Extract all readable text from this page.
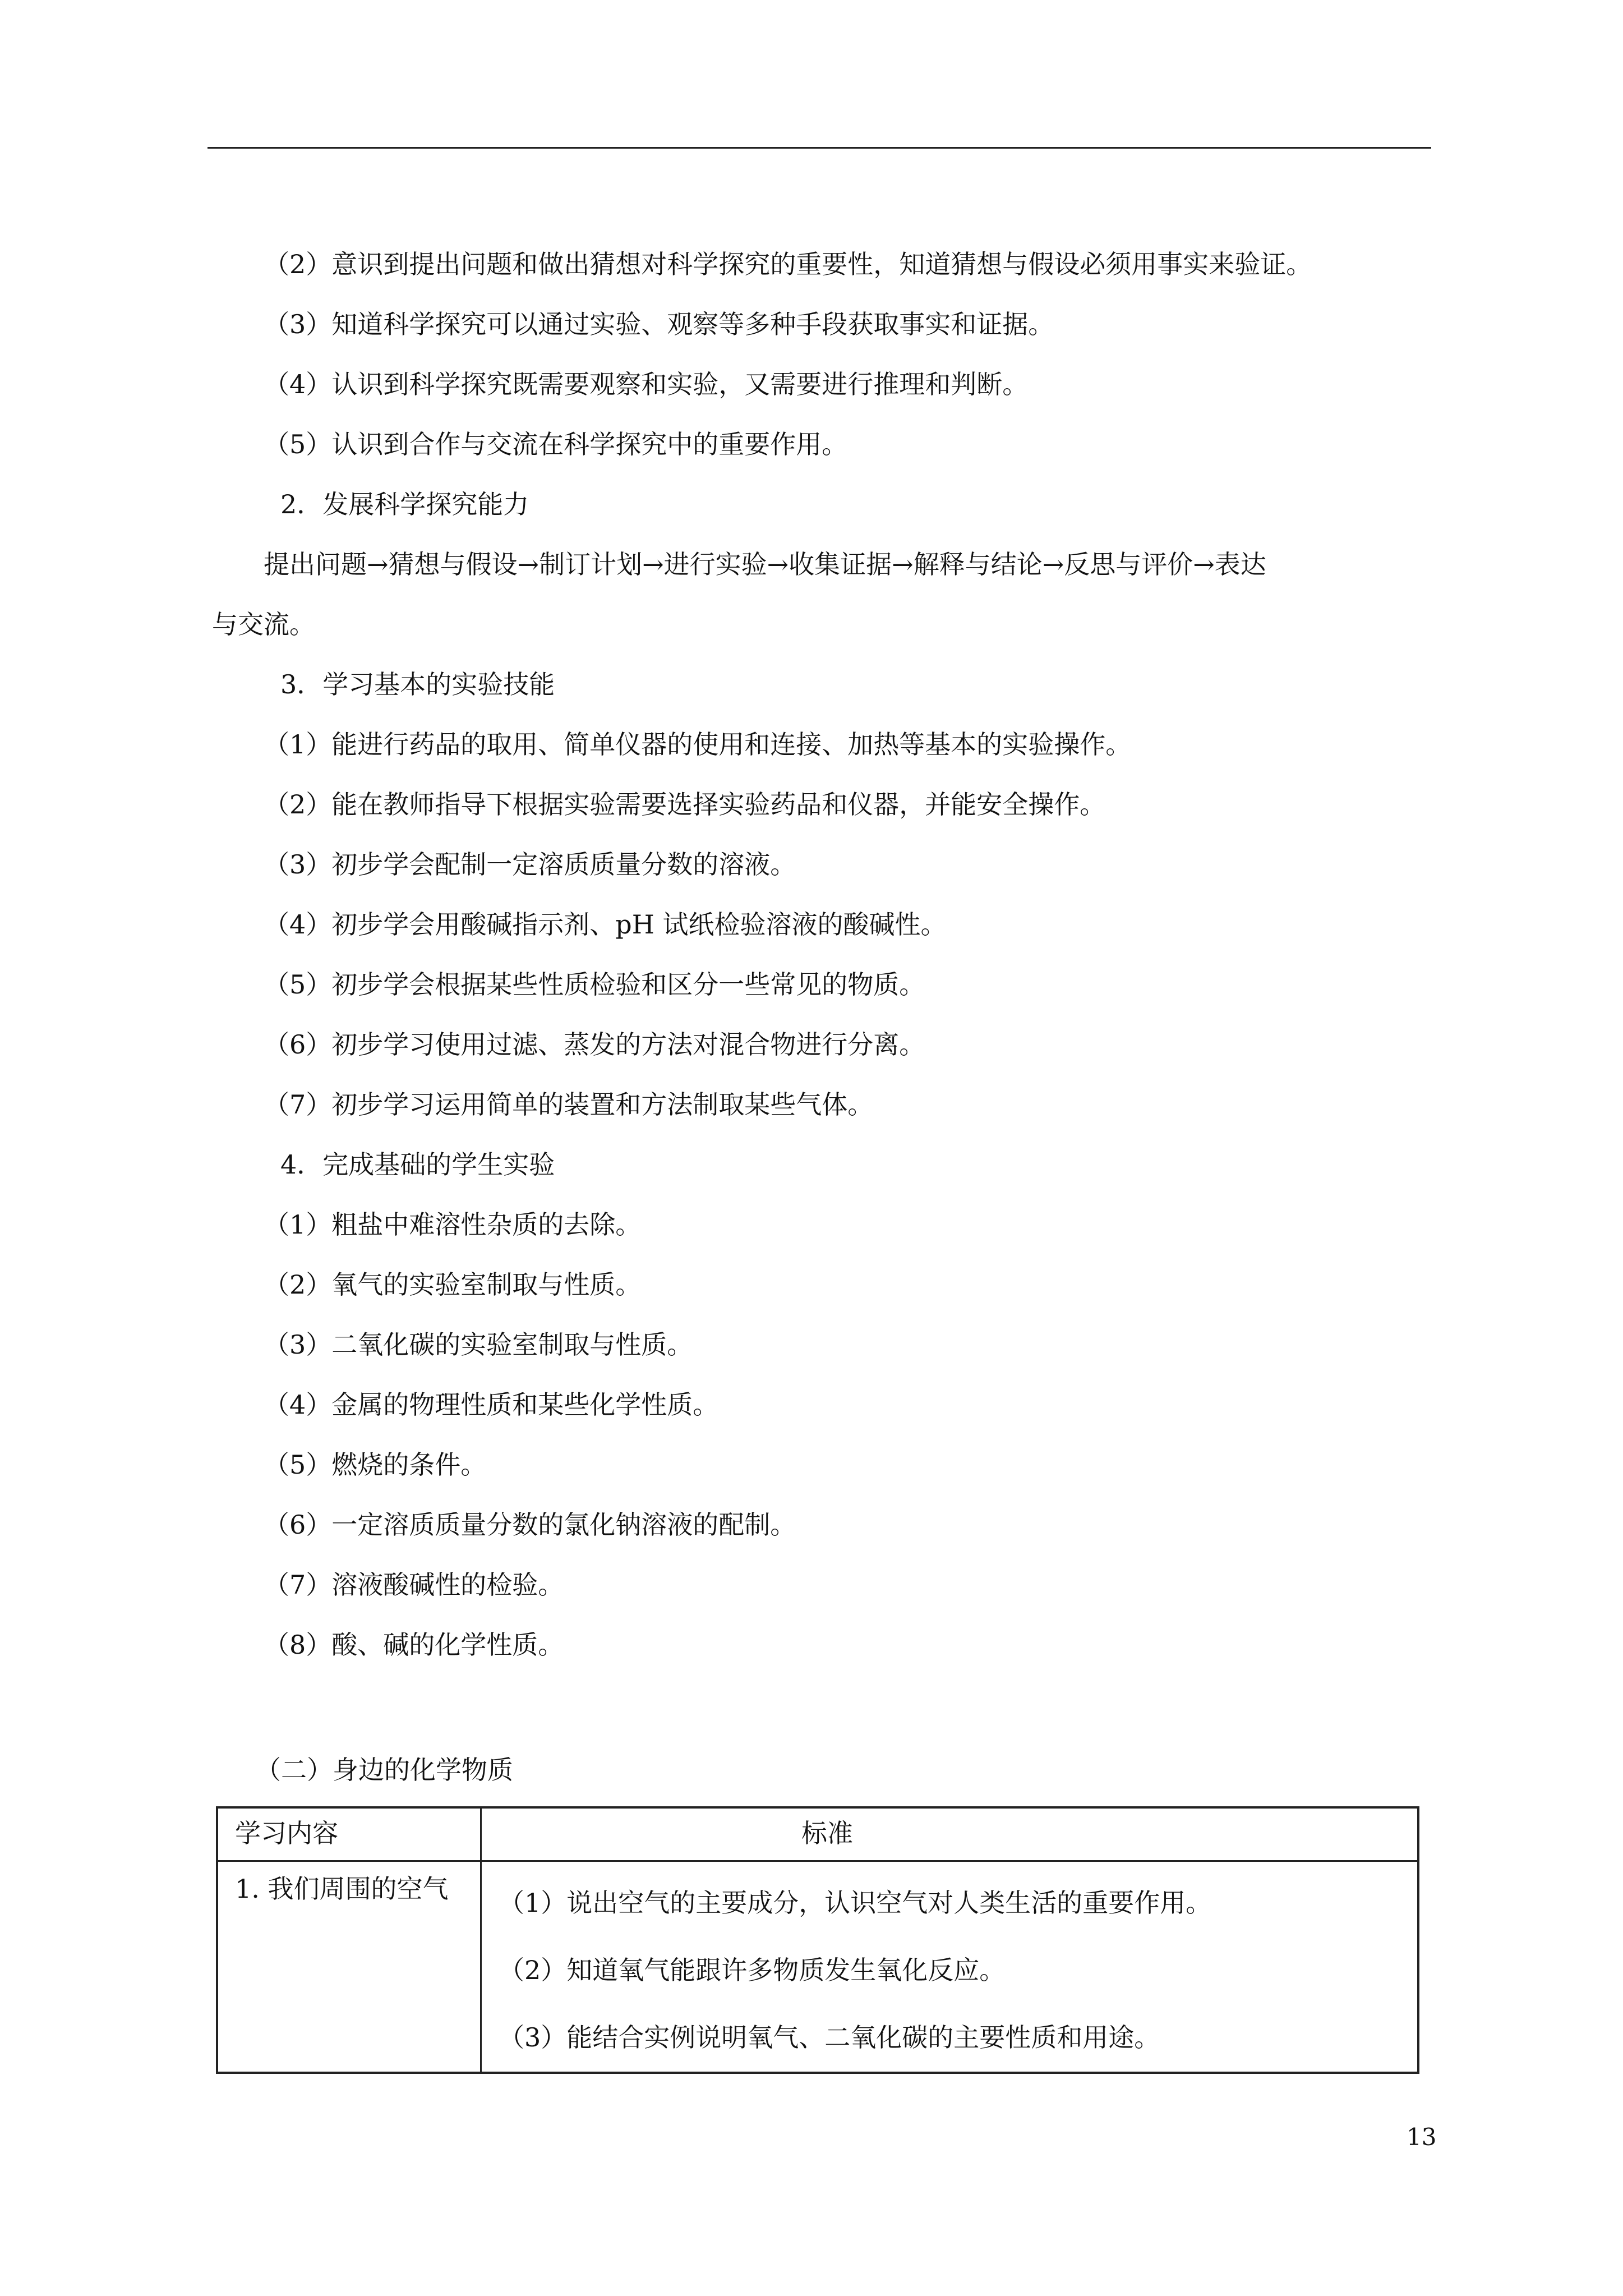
（2）意识到提出问题和做出猜想对科学探究的重要性，知道猜想与假设必须用事实来验证。

（3）知道科学探究可以通过实验、观察等多种手段获取事实和证据。

（4）认识到科学探究既需要观察和实验，又需要进行推理和判断。

（5）认识到合作与交流在科学探究中的重要作用。

2．发展科学探究能力

提出问题→猜想与假设→制订计划→进行实验→收集证据→解释与结论→反思与评价→表达

与交流。

3．学习基本的实验技能

（1）能进行药品的取用、简单仪器的使用和连接、加热等基本的实验操作。

（2）能在教师指导下根据实验需要选择实验药品和仪器，并能安全操作。

（3）初步学会配制一定溶质质量分数的溶液。

（4）初步学会用酸碱指示剂、pH 试纸检验溶液的酸碱性。

（5）初步学会根据某些性质检验和区分一些常见的物质。

（6）初步学习使用过滤、蒸发的方法对混合物进行分离。

（7）初步学习运用简单的装置和方法制取某些气体。

4．完成基础的学生实验

（1）粗盐中难溶性杂质的去除。

（2）氧气的实验室制取与性质。

（3）二氧化碳的实验室制取与性质。

（4）金属的物理性质和某些化学性质。

（5）燃烧的条件。

（6）一定溶质质量分数的氯化钠溶液的配制。

（7）溶液酸碱性的检验。

（8）酸、碱的化学性质。

（二）身边的化学物质

学习内容	标准

1. 我们周围的空气 （1）说出空气的主要成分，认识空气对人类生活的重要作用。

（2）知道氧气能跟许多物质发生氧化反应。

（3）能结合实例说明氧气、二氧化碳的主要性质和用途。

13
